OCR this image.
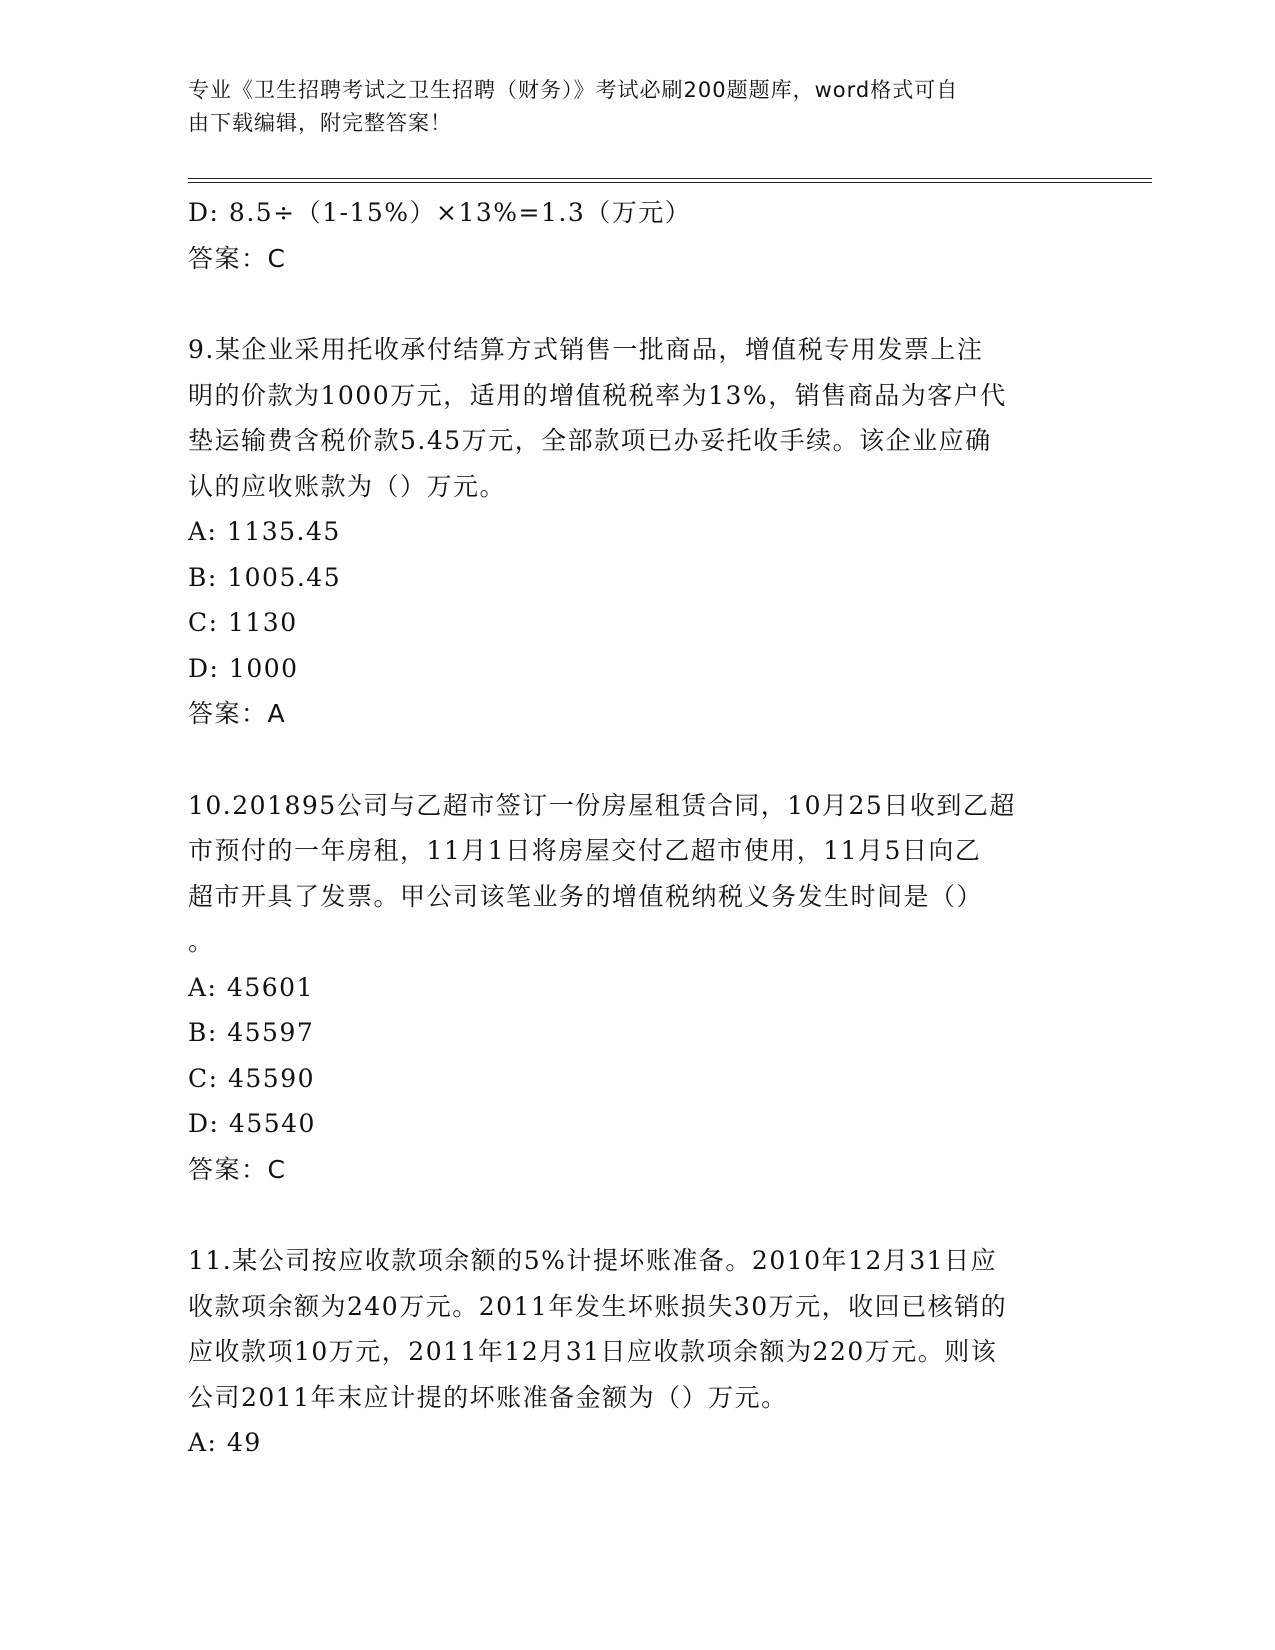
专业《卫生招聘考试之卫生招聘（财务）》考试必刷200题题库，word格式可自
由下载编辑，附完整答案！
D: 8.5÷（1-15%）×13%=1.3（万元）
答案：C
9.某企业采用托收承付结算方式销售一批商品，增值税专用发票上注
明的价款为1000万元，适用的增值税税率为13%，销售商品为客户代
垫运输费含税价款5.45万元，全部款项已办妥托收手续。该企业应确
认的应收账款为（）万元。
A: 1135.45
B: 1005.45
C: 1130
D: 1000
答案：A
10.201895公司与乙超市签订一份房屋租赁合同，10月25日收到乙超
市预付的一年房租，11月1日将房屋交付乙超市使用，11月5日向乙
超市开具了发票。甲公司该笔业务的增值税纳税义务发生时间是（）
。
A: 45601
B: 45597
C: 45590
D: 45540
答案：C
11.某公司按应收款项余额的5%计提坏账准备。2010年12月31日应
收款项余额为240万元。2011年发生坏账损失30万元，收回已核销的
应收款项10万元，2011年12月31日应收款项余额为220万元。则该
公司2011年末应计提的坏账准备金额为（）万元。
A: 49
